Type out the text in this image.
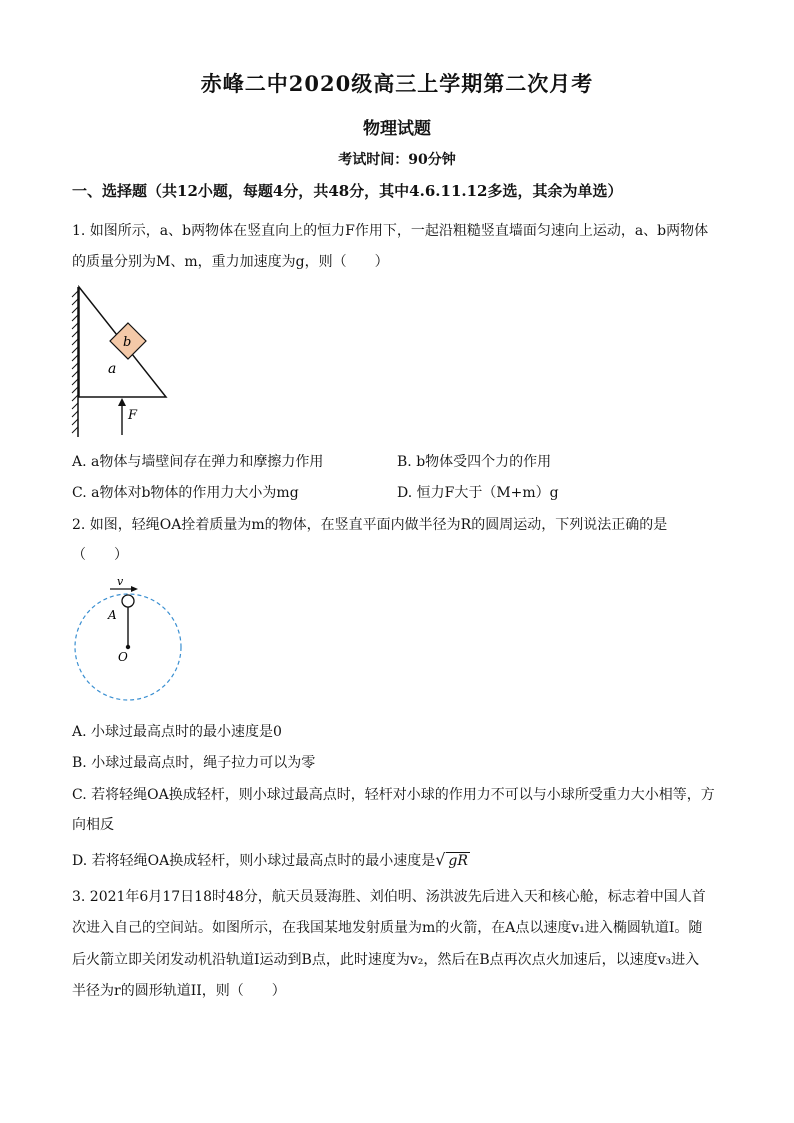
赤峰二中2020级高三上学期第二次月考
物理试题
考试时间：90分钟
一、选择题（共12小题，每题4分，共48分，其中4.6.11.12多选，其余为单选）
1. 如图所示，a、b两物体在竖直向上的恒力F作用下，一起沿粗糙竖直墙面匀速向上运动，a、b两物体
的质量分别为M、m，重力加速度为g，则（　　）
b
a
F
A. a物体与墙壁间存在弹力和摩擦力作用	B. b物体受四个力的作用
C. a物体对b物体的作用力大小为mg	D. 恒力F大于（M+m）g
2. 如图，轻绳OA拴着质量为m的物体，在竖直平面内做半径为R的圆周运动，下列说法正确的是
（　　）
v
A
O
A. 小球过最高点时的最小速度是0
B. 小球过最高点时，绳子拉力可以为零
C. 若将轻绳OA换成轻杆，则小球过最高点时，轻杆对小球的作用力不可以与小球所受重力大小相等，方
向相反
D. 若将轻绳OA换成轻杆，则小球过最高点时的最小速度是√ gR
3. 2021年6月17日18时48分，航天员聂海胜、刘伯明、汤洪波先后进入天和核心舱，标志着中国人首
次进入自己的空间站。如图所示，在我国某地发射质量为m的火箭，在A点以速度v₁进入椭圆轨道I。随
后火箭立即关闭发动机沿轨道I运动到B点，此时速度为v₂，然后在B点再次点火加速后，以速度v₃进入
半径为r的圆形轨道II，则（　　）
